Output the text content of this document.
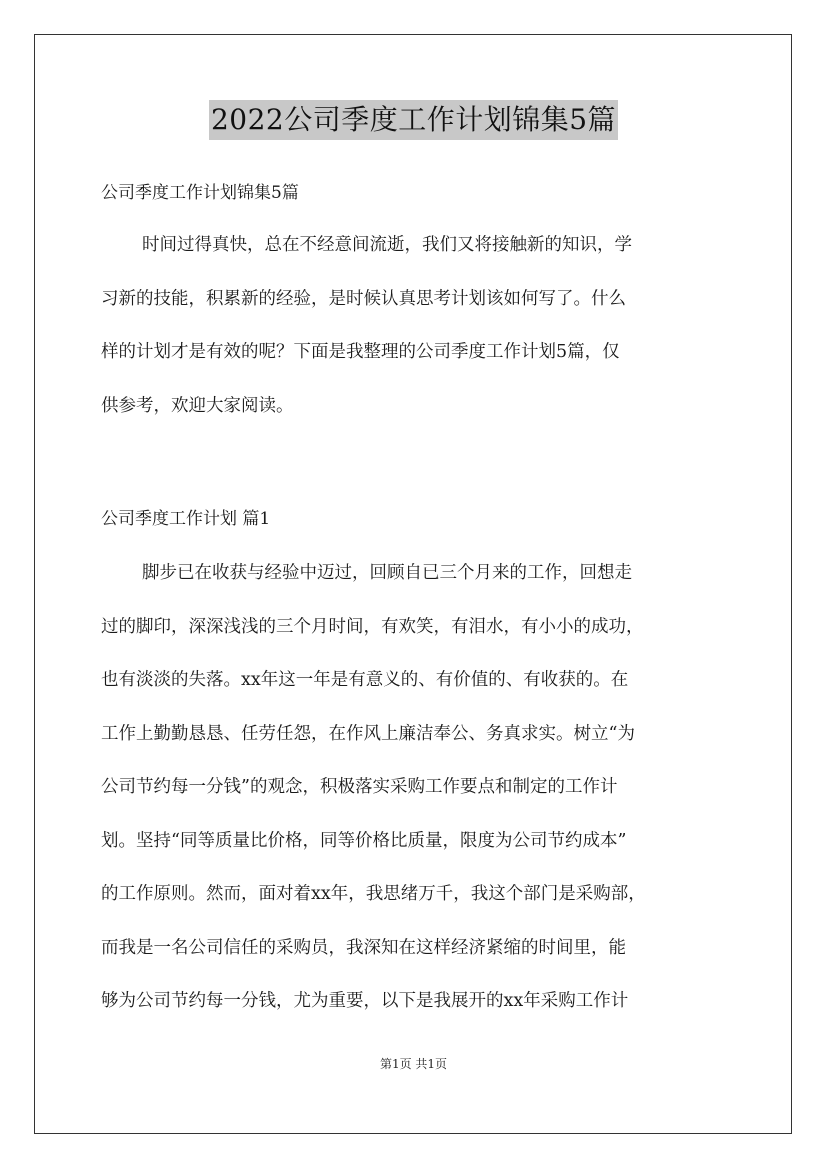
2022公司季度工作计划锦集5篇
公司季度工作计划锦集5篇
时间过得真快，总在不经意间流逝，我们又将接触新的知识，学
习新的技能，积累新的经验，是时候认真思考计划该如何写了。什么
样的计划才是有效的呢？下面是我整理的公司季度工作计划5篇，仅
供参考，欢迎大家阅读。
公司季度工作计划 篇1
脚步已在收获与经验中迈过，回顾自已三个月来的工作，回想走
过的脚印，深深浅浅的三个月时间，有欢笑，有泪水，有小小的成功，
也有淡淡的失落。xx年这一年是有意义的、有价值的、有收获的。在
工作上勤勤恳恳、任劳任怨，在作风上廉洁奉公、务真求实。树立“为
公司节约每一分钱”的观念，积极落实采购工作要点和制定的工作计
划。坚持“同等质量比价格，同等价格比质量，限度为公司节约成本”
的工作原则。然而，面对着xx年，我思绪万千，我这个部门是采购部，
而我是一名公司信任的采购员，我深知在这样经济紧缩的时间里，能
够为公司节约每一分钱，尤为重要，以下是我展开的xx年采购工作计
第1页 共1页
